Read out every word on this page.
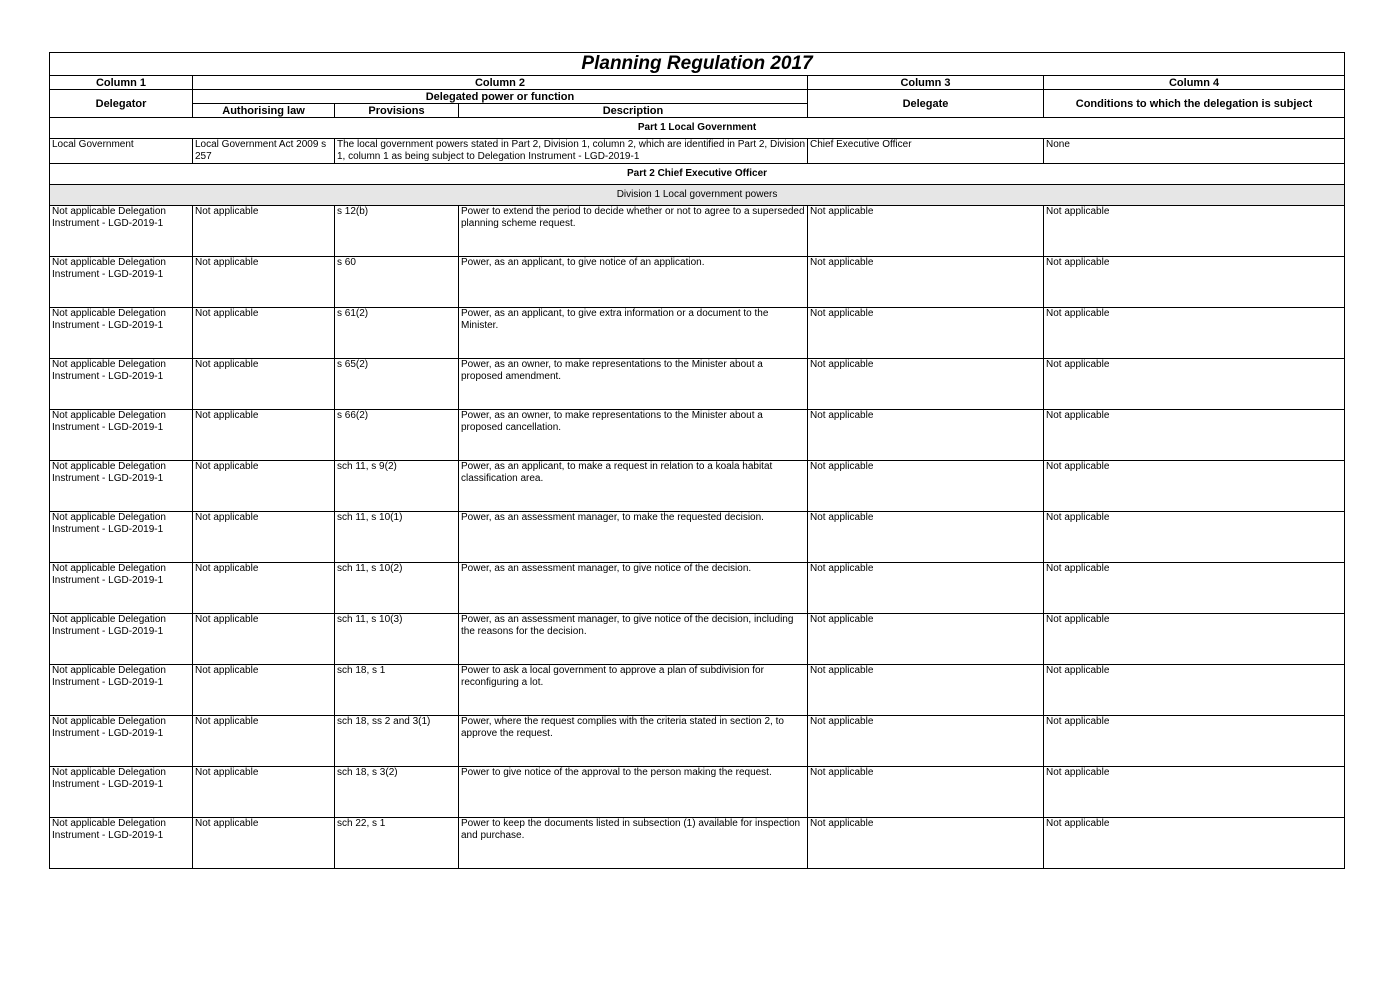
Planning Regulation 2017					
Column 1	Column 2			Column 3	Column 4
Delegator	Delegated power or function			Delegate	Conditions to which the delegation is subject
	Authorising law	Provisions	Description		
Part 1 Local Government					
Local Government	Local Government Act 2009 s 257	The local government powers stated in Part 2, Division 1, column 2, which are identified in Part 2, Division 1, column 1 as being subject to Delegation Instrument - LGD-2019-1		Chief Executive Officer	None
Part 2 Chief Executive Officer					
Division 1 Local government powers					
Not applicable Delegation Instrument - LGD-2019-1	Not applicable	s 12(b)	Power to extend the period to decide whether or not to agree to a superseded planning scheme request.	Not applicable	Not applicable
Not applicable Delegation Instrument - LGD-2019-1	Not applicable	s 60	Power, as an applicant, to give notice of an application.	Not applicable	Not applicable
Not applicable Delegation Instrument - LGD-2019-1	Not applicable	s 61(2)	Power, as an applicant, to give extra information or a document to the Minister.	Not applicable	Not applicable
Not applicable Delegation Instrument - LGD-2019-1	Not applicable	s 65(2)	Power, as an owner, to make representations to the Minister about a proposed amendment.	Not applicable	Not applicable
Not applicable Delegation Instrument - LGD-2019-1	Not applicable	s 66(2)	Power, as an owner, to make representations to the Minister about a proposed cancellation.	Not applicable	Not applicable
Not applicable Delegation Instrument - LGD-2019-1	Not applicable	sch 11, s 9(2)	Power, as an applicant, to make a request in relation to a koala habitat classification area.	Not applicable	Not applicable
Not applicable Delegation Instrument - LGD-2019-1	Not applicable	sch 11, s 10(1)	Power, as an assessment manager, to make the requested decision.	Not applicable	Not applicable
Not applicable Delegation Instrument - LGD-2019-1	Not applicable	sch 11, s 10(2)	Power, as an assessment manager, to give notice of the decision.	Not applicable	Not applicable
Not applicable Delegation Instrument - LGD-2019-1	Not applicable	sch 11, s 10(3)	Power, as an assessment manager, to give notice of the decision, including the reasons for the decision.	Not applicable	Not applicable
Not applicable Delegation Instrument - LGD-2019-1	Not applicable	sch 18, s 1	Power to ask a local government to approve a plan of subdivision for reconfiguring a lot.	Not applicable	Not applicable
Not applicable Delegation Instrument - LGD-2019-1	Not applicable	sch 18, ss 2 and 3(1)	Power, where the request complies with the criteria stated in section 2, to approve the request.	Not applicable	Not applicable
Not applicable Delegation Instrument - LGD-2019-1	Not applicable	sch 18, s 3(2)	Power to give notice of the approval to the person making the request.	Not applicable	Not applicable
Not applicable Delegation Instrument - LGD-2019-1	Not applicable	sch 22, s 1	Power to keep the documents listed in subsection (1) available for inspection and purchase.	Not applicable	Not applicable
